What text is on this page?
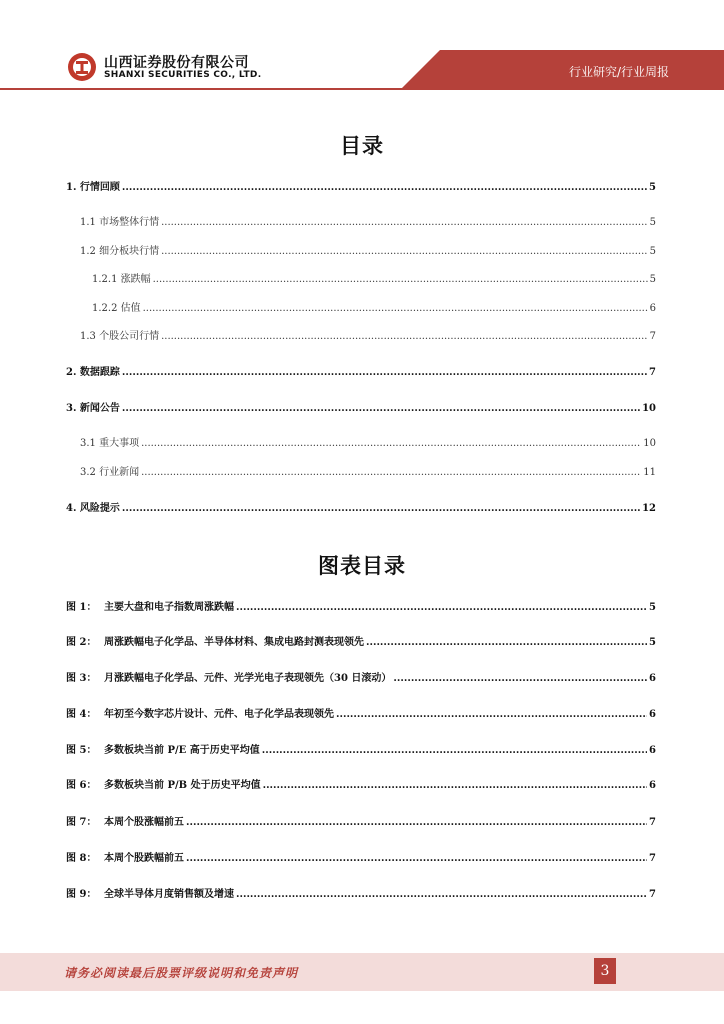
山西证券股份有限公司
SHANXI SECURITIES CO., LTD.	行业研究/行业周报
目录
1. 行情回顾 .....	5
1.1 市场整体行情 .....	5
1.2 细分板块行情 .....	5
1.2.1 涨跌幅 .....	5
1.2.2 估值 .....	6
1.3 个股公司行情 .....	7
2. 数据跟踪 .....	7
3. 新闻公告 .....	10
3.1 重大事项 .....	10
3.2 行业新闻 .....	11
4. 风险提示 .....	12
图表目录
图 1： 主要大盘和电子指数周涨跌幅 .....	5
图 2： 周涨跌幅电子化学品、半导体材料、集成电路封测表现领先 .....	5
图 3： 月涨跌幅电子化学品、元件、光学光电子表现领先（30 日滚动） .....	6
图 4： 年初至今数字芯片设计、元件、电子化学品表现领先 .....	6
图 5： 多数板块当前 P/E 高于历史平均值 .....	6
图 6： 多数板块当前 P/B 处于历史平均值 .....	6
图 7： 本周个股涨幅前五 .....	7
图 8： 本周个股跌幅前五 .....	7
图 9： 全球半导体月度销售额及增速 .....	7
请务必阅读最后股票评级说明和免责声明	3
